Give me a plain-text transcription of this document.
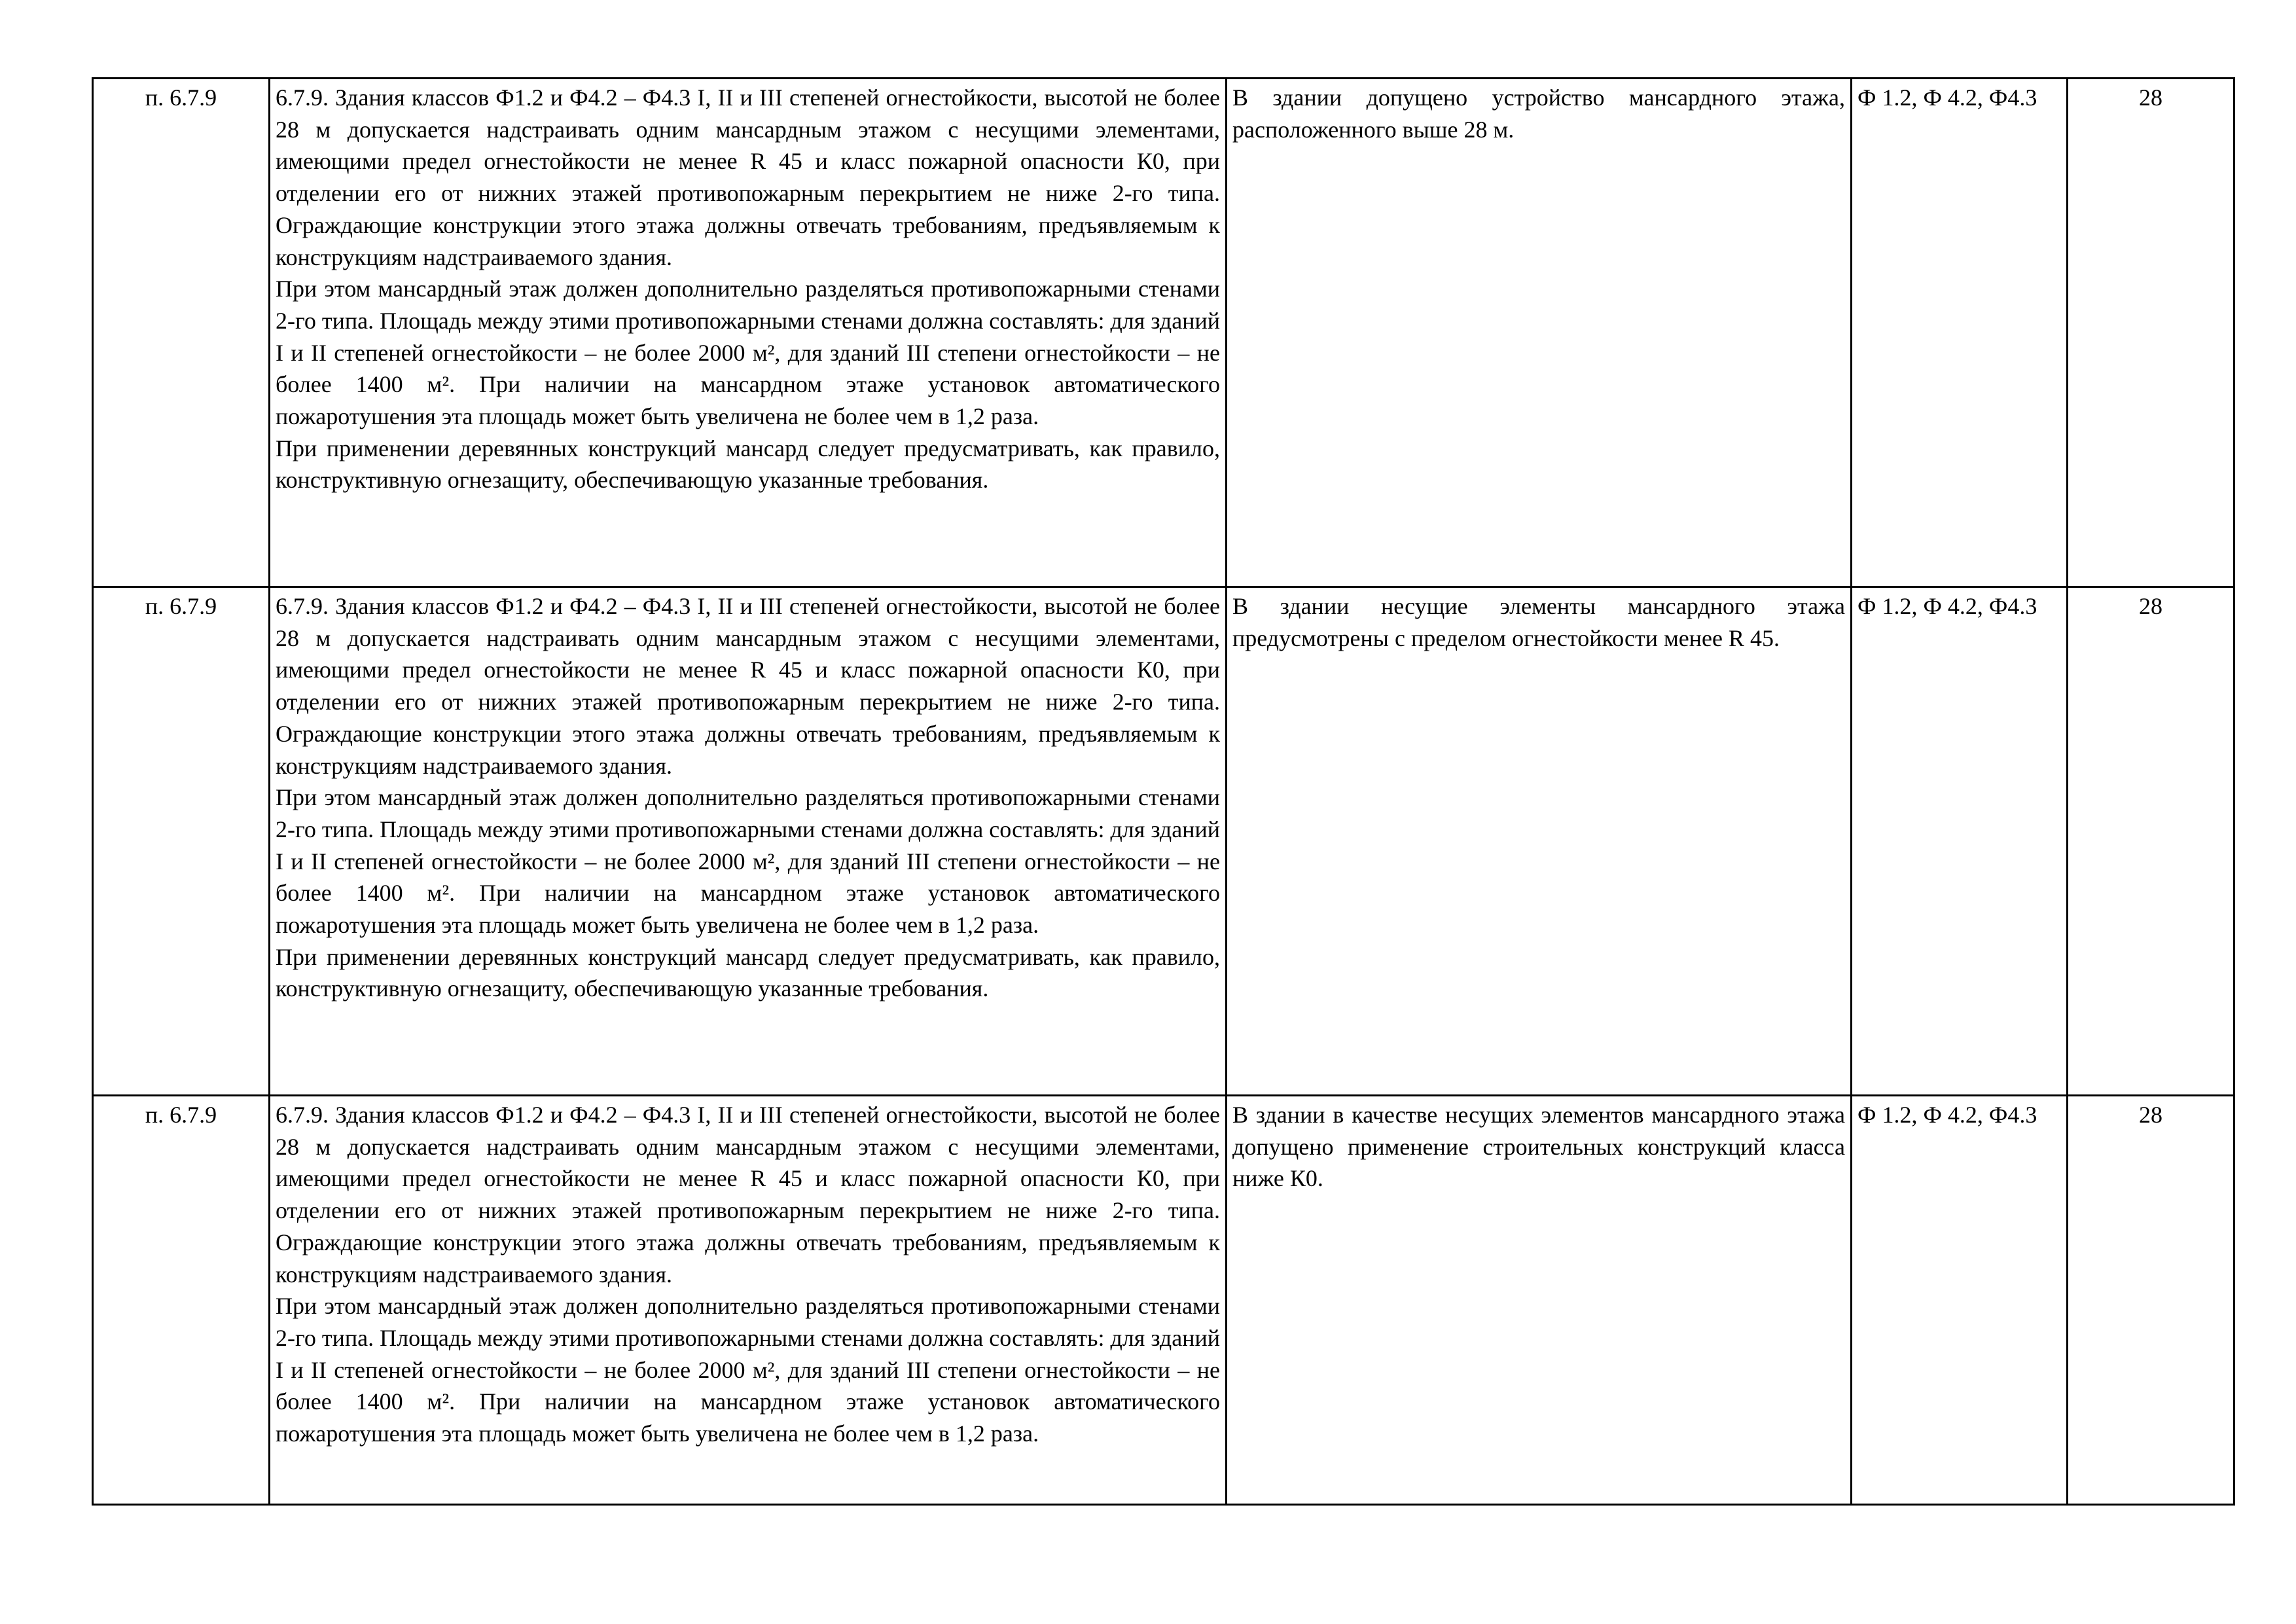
п. 6.7.9	6.7.9. Здания классов Ф1.2 и Ф4.2 – Ф4.3 I, II и III степеней огнестойкости, высотой не более 28 м допускается надстраивать одним мансардным этажом с несущими элементами, имеющими предел огнестойкости не менее R 45 и класс пожарной опасности К0, при отделении его от нижних этажей противопожарным перекрытием не ниже 2-го типа. Ограждающие конструкции этого этажа должны отвечать требованиям, предъявляемым к конструкциям надстраиваемого здания.
При этом мансардный этаж должен дополнительно разделяться противопожарными стенами 2-го типа. Площадь между этими противопожарными стенами должна составлять: для зданий I и II степеней огнестойкости – не более 2000 м², для зданий III степени огнестойкости – не более 1400 м². При наличии на мансардном этаже установок автоматического пожаротушения эта площадь может быть увеличена не более чем в 1,2 раза.
При применении деревянных конструкций мансард следует предусматривать, как правило, конструктивную огнезащиту, обеспечивающую указанные требования.	В здании допущено устройство мансардного этажа, расположенного выше 28 м.	Ф 1.2, Ф 4.2, Ф4.3	28
п. 6.7.9	6.7.9. Здания классов Ф1.2 и Ф4.2 – Ф4.3 I, II и III степеней огнестойкости, высотой не более 28 м допускается надстраивать одним мансардным этажом с несущими элементами, имеющими предел огнестойкости не менее R 45 и класс пожарной опасности К0, при отделении его от нижних этажей противопожарным перекрытием не ниже 2-го типа. Ограждающие конструкции этого этажа должны отвечать требованиям, предъявляемым к конструкциям надстраиваемого здания.
При этом мансардный этаж должен дополнительно разделяться противопожарными стенами 2-го типа. Площадь между этими противопожарными стенами должна составлять: для зданий I и II степеней огнестойкости – не более 2000 м², для зданий III степени огнестойкости – не более 1400 м². При наличии на мансардном этаже установок автоматического пожаротушения эта площадь может быть увеличена не более чем в 1,2 раза.
При применении деревянных конструкций мансард следует предусматривать, как правило, конструктивную огнезащиту, обеспечивающую указанные требования.	В здании несущие элементы мансардного этажа предусмотрены с пределом огнестойкости менее R 45.	Ф 1.2, Ф 4.2, Ф4.3	28
п. 6.7.9	6.7.9. Здания классов Ф1.2 и Ф4.2 – Ф4.3 I, II и III степеней огнестойкости, высотой не более 28 м допускается надстраивать одним мансардным этажом с несущими элементами, имеющими предел огнестойкости не менее R 45 и класс пожарной опасности К0, при отделении его от нижних этажей противопожарным перекрытием не ниже 2-го типа. Ограждающие конструкции этого этажа должны отвечать требованиям, предъявляемым к конструкциям надстраиваемого здания.
При этом мансардный этаж должен дополнительно разделяться противопожарными стенами 2-го типа. Площадь между этими противопожарными стенами должна составлять: для зданий I и II степеней огнестойкости – не более 2000 м², для зданий III степени огнестойкости – не более 1400 м². При наличии на мансардном этаже установок автоматического пожаротушения эта площадь может быть увеличена не более чем в 1,2 раза.	В здании в качестве несущих элементов мансардного этажа допущено применение строительных конструкций класса ниже К0.	Ф 1.2, Ф 4.2, Ф4.3	28
